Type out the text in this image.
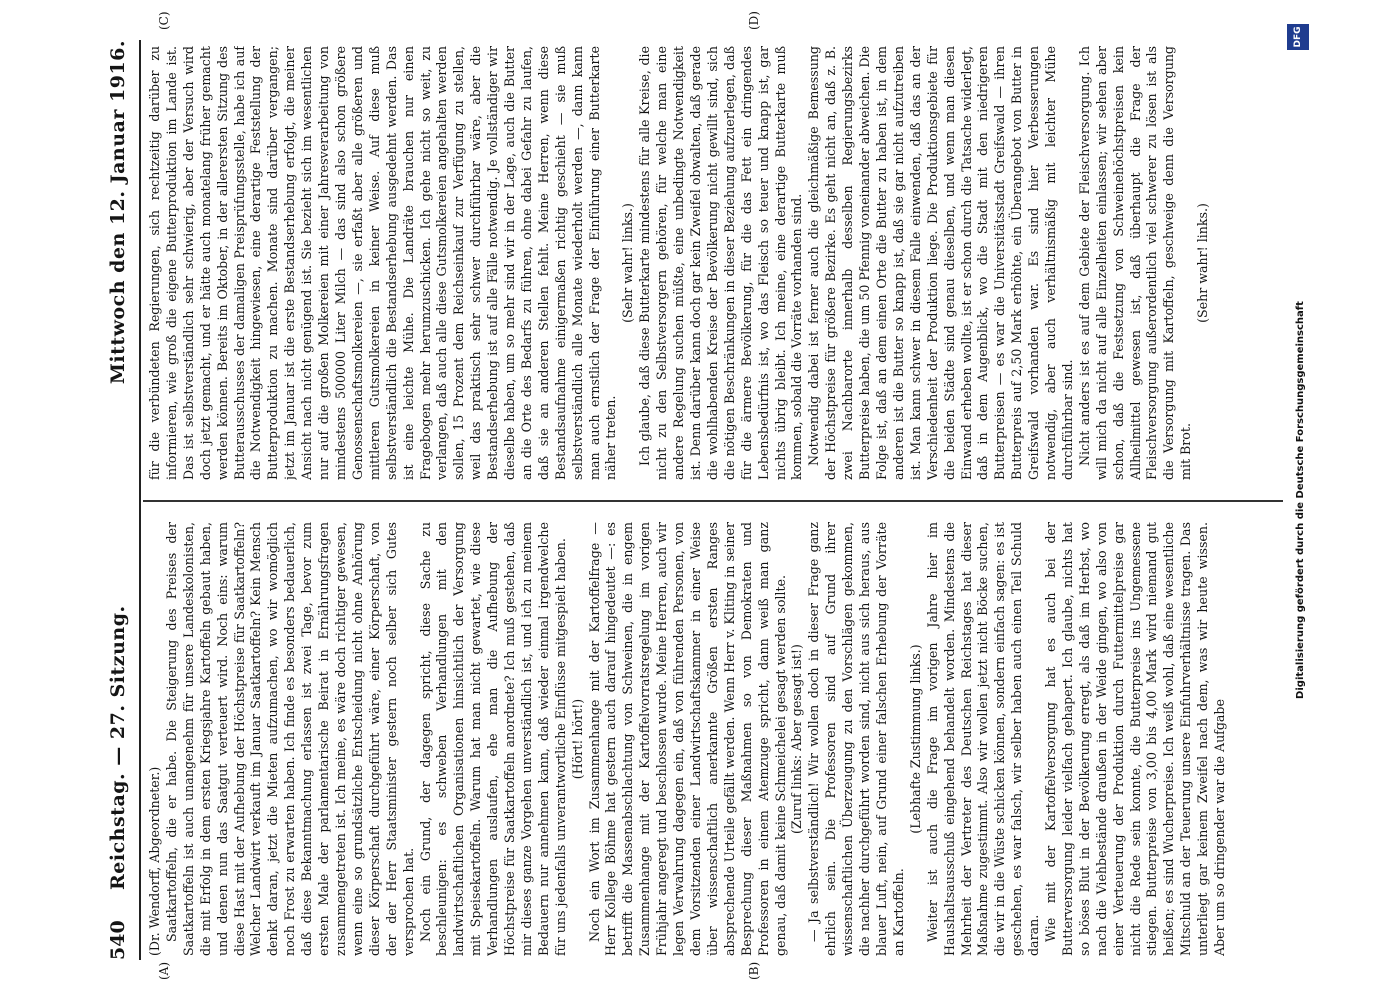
540
Reichstag. — 27. Sitzung.
Mittwoch den 12. Januar 1916.
(A)	(B)
(C)	(D)

(Dr. Wendorff, Abgeordneter.) Saatkartoffeln, die er habe. Die Steigerung des Preises der Saatkartoffeln ist auch unangenehm für unsere Landeskolonisten, die mit Erfolg in dem ersten Kriegsjahre Kartoffeln gebaut haben, und denen nun das Saatgut verteuert wird. Noch eins: warum diese Hast mit der Aufhebung der Höchstpreise für Saatkartoffeln? Welcher Landwirt verkauft im Januar Saatkartoffeln? Kein Mensch denkt daran, jetzt die Mieten aufzumachen, wo wir womöglich noch Frost zu erwarten haben. Ich finde es besonders bedauerlich, daß diese Bekanntmachung erlassen ist zwei Tage, bevor zum ersten Male der parlamentarische Beirat in Ernährungsfragen zusammengetreten ist. Ich meine, es wäre doch richtiger gewesen, wenn eine so grundsätzliche Entscheidung nicht ohne Anhörung dieser Körperschaft durchgeführt wäre, einer Körperschaft, von der der Herr Staatsminister gestern noch selber sich Gutes versprochen hat. Noch ein Grund, der dagegen spricht, diese Sache zu beschleunigen: es schweben Verhandlungen mit den landwirtschaftlichen Organisationen hinsichtlich der Versorgung mit Speisekartoffeln. Warum hat man nicht gewartet, wie diese Verhandlungen auslaufen, ehe man die Aufhebung der Höchstpreise für Saatkartoffeln anordnete? Ich muß gestehen, daß mir dieses ganze Vorgehen unverständlich ist, und ich zu meinem Bedauern nur annehmen kann, daß wieder einmal irgendwelche für uns jedenfalls unverantwortliche Einflüsse mitgespielt haben. (Hört! hört!) Noch ein Wort im Zusammenhange mit der Kartoffelfrage — Herr Kollege Böhme hat gestern auch darauf hingedeutet —: es betrifft die Massenabschlachtung von Schweinen, die in engem Zusammenhange mit der Kartoffelvorratsregelung im vorigen Frühjahr angeregt und beschlossen wurde. Meine Herren, auch wir legen Verwahrung dagegen ein, daß von führenden Personen, von dem Vorsitzenden einer Landwirtschaftskammer in einer Weise über wissenschaftlich anerkannte Größen ersten Ranges absprechende Urteile gefällt werden. Wenn Herr v. Kliting in seiner Besprechung dieser Maßnahmen so von Demokraten und Professoren in einem Atemzuge spricht, dann weiß man ganz genau, daß damit keine Schmeichelei gesagt werden sollte. (Zuruf links: Aber gesagt ist!) — Ja selbstverständlich! Wir wollen doch in dieser Frage ganz ehrlich sein. Die Professoren sind auf Grund ihrer wissenschaftlichen Überzeugung zu den Vorschlägen gekommen, die nachher durchgeführt worden sind, nicht aus sich heraus, aus blauer Luft, nein, auf Grund einer falschen Erhebung der Vorräte an Kartoffeln.

(Lebhafte Zustimmung links.) Weiter ist auch die Frage im vorigen Jahre hier im Haushaltsausschuß eingehend behandelt worden. Mindestens die Mehrheit der Vertreter des Deutschen Reichstages hat dieser Maßnahme zugestimmt. Also wir wollen jetzt nicht Böcke suchen, die wir in die Wüste schicken können, sondern einfach sagen: es ist geschehen, es war falsch, wir selber haben auch einen Teil Schuld daran. Wie mit der Kartoffelversorgung hat es auch bei der Butterversorgung leider vielfach gehapert. Ich glaube, nichts hat so böses Blut in der Bevölkerung erregt, als daß im Herbst, wo nach die Viehbestände draußen in der Weide gingen, wo also von einer Verteuerung der Produktion durch Futtermittelpreise gar nicht die Rede sein konnte, die Butterpreise ins Ungemessene stiegen. Butterpreise von 3,00 bis 4,00 Mark wird niemand gut heißen; es sind Wucherpreise. Ich weiß wohl, daß eine wesentliche Mitschuld an der Teuerung unsere Einfuhrverhältnisse tragen. Das unterliegt gar keinem Zweifel nach dem, was wir heute wissen. Aber um so dringender war die Aufgabe

für die verbündeten Regierungen, sich rechtzeitig darüber zu informieren, wie groß die eigene Butterproduktion im Lande ist. Das ist selbstverständlich sehr schwierig, aber der Versuch wird doch jetzt gemacht, und er hätte auch monatelang früher gemacht werden können. Bereits im Oktober, in der allerersten Sitzung des Butterausschusses der damaligen Preisprüfungsstelle, habe ich auf die Notwendigkeit hingewiesen, eine derartige Feststellung der Butterproduktion zu machen. Monate sind darüber vergangen; jetzt im Januar ist die erste Bestandserhebung erfolgt, die meiner Ansicht nach nicht genügend ist. Sie bezieht sich im wesentlichen nur auf die großen Molkereien mit einer Jahresverarbeitung von mindestens 500000 Liter Milch — das sind also schon größere Genossenschaftsmolkereien —, sie erfaßt aber alle größeren und mittleren Gutsmolkereien in keiner Weise. Auf diese muß selbstverständlich die Bestandserhebung ausgedehnt werden. Das ist eine leichte Mühe. Die Landräte brauchen nur einen Fragebogen mehr herumzuschicken. Ich gehe nicht so weit, zu verlangen, daß auch alle diese Gutsmolkereien angehalten werden sollen, 15 Prozent dem Reichseinkauf zur Verfügung zu stellen, weil das praktisch sehr schwer durchführbar wäre, aber die Bestandserhebung ist auf alle Fälle notwendig. Je vollständiger wir dieselbe haben, um so mehr sind wir in der Lage, auch die Butter an die Orte des Bedarfs zu führen, ohne dabei Gefahr zu laufen, daß sie an anderen Stellen fehlt. Meine Herren, wenn diese Bestandsaufnahme einigermaßen richtig geschieht — sie muß selbstverständlich alle Monate wiederholt werden —, dann kann man auch ernstlich der Frage der Einführung einer Butterkarte näher treten.

(Sehr wahr! links.) Ich glaube, daß diese Butterkarte mindestens für alle Kreise, die nicht zu den Selbstversorgern gehören, für welche man eine andere Regelung suchen müßte, eine unbedingte Notwendigkeit ist. Denn darüber kann doch gar kein Zweifel obwalten, daß gerade die wohlhabenden Kreise der Bevölkerung nicht gewillt sind, sich die nötigen Beschränkungen in dieser Beziehung aufzuerlegen, daß für die ärmere Bevölkerung, für die das Fett ein dringendes Lebensbedürfnis ist, wo das Fleisch so teuer und knapp ist, gar nichts übrig bleibt. Ich meine, eine derartige Butterkarte muß kommen, sobald die Vorräte vorhanden sind. Notwendig dabei ist ferner auch die gleichmäßige Bemessung der Höchstpreise für größere Bezirke. Es geht nicht an, daß z. B. zwei Nachbarorte innerhalb desselben Regierungsbezirks Butterpreise haben, die um 50 Pfennig voneinander abweichen. Die Folge ist, daß an dem einen Orte die Butter zu haben ist, in dem anderen ist die Butter so knapp ist, daß sie gar nicht aufzutreiben ist. Man kann schwer in diesem Falle einwenden, daß das an der Verschiedenheit der Produktion liege. Die Produktionsgebiete für die beiden Städte sind genau dieselben, und wenn man diesen Einwand erheben wollte, ist er schon durch die Tatsache widerlegt, daß in dem Augenblick, wo die Stadt mit den niedrigeren Butterpreisen — es war die Universitätsstadt Greifswald — ihren Butterpreis auf 2,50 Mark erhöhte, ein Überangebot von Butter in Greifswald vorhanden war. Es sind hier Verbesserungen notwendig, aber auch verhältnismäßig mit leichter Mühe durchführbar sind. Nicht anders ist es auf dem Gebiete der Fleischversorgung. Ich will mich da nicht auf alle Einzelheiten einlassen; wir sehen aber schon, daß die Festsetzung von Schweinehöchstpreisen kein Allheilmittel gewesen ist, daß überhaupt die Frage der Fleischversorgung außerordentlich viel schwerer zu lösen ist als die Versorgung mit Kartoffeln, geschweige denn die Versorgung mit Brot.

(Sehr wahr! links.)

Digitalisierung gefördert durch die Deutsche Forschungsgemeinschaft
DFG
